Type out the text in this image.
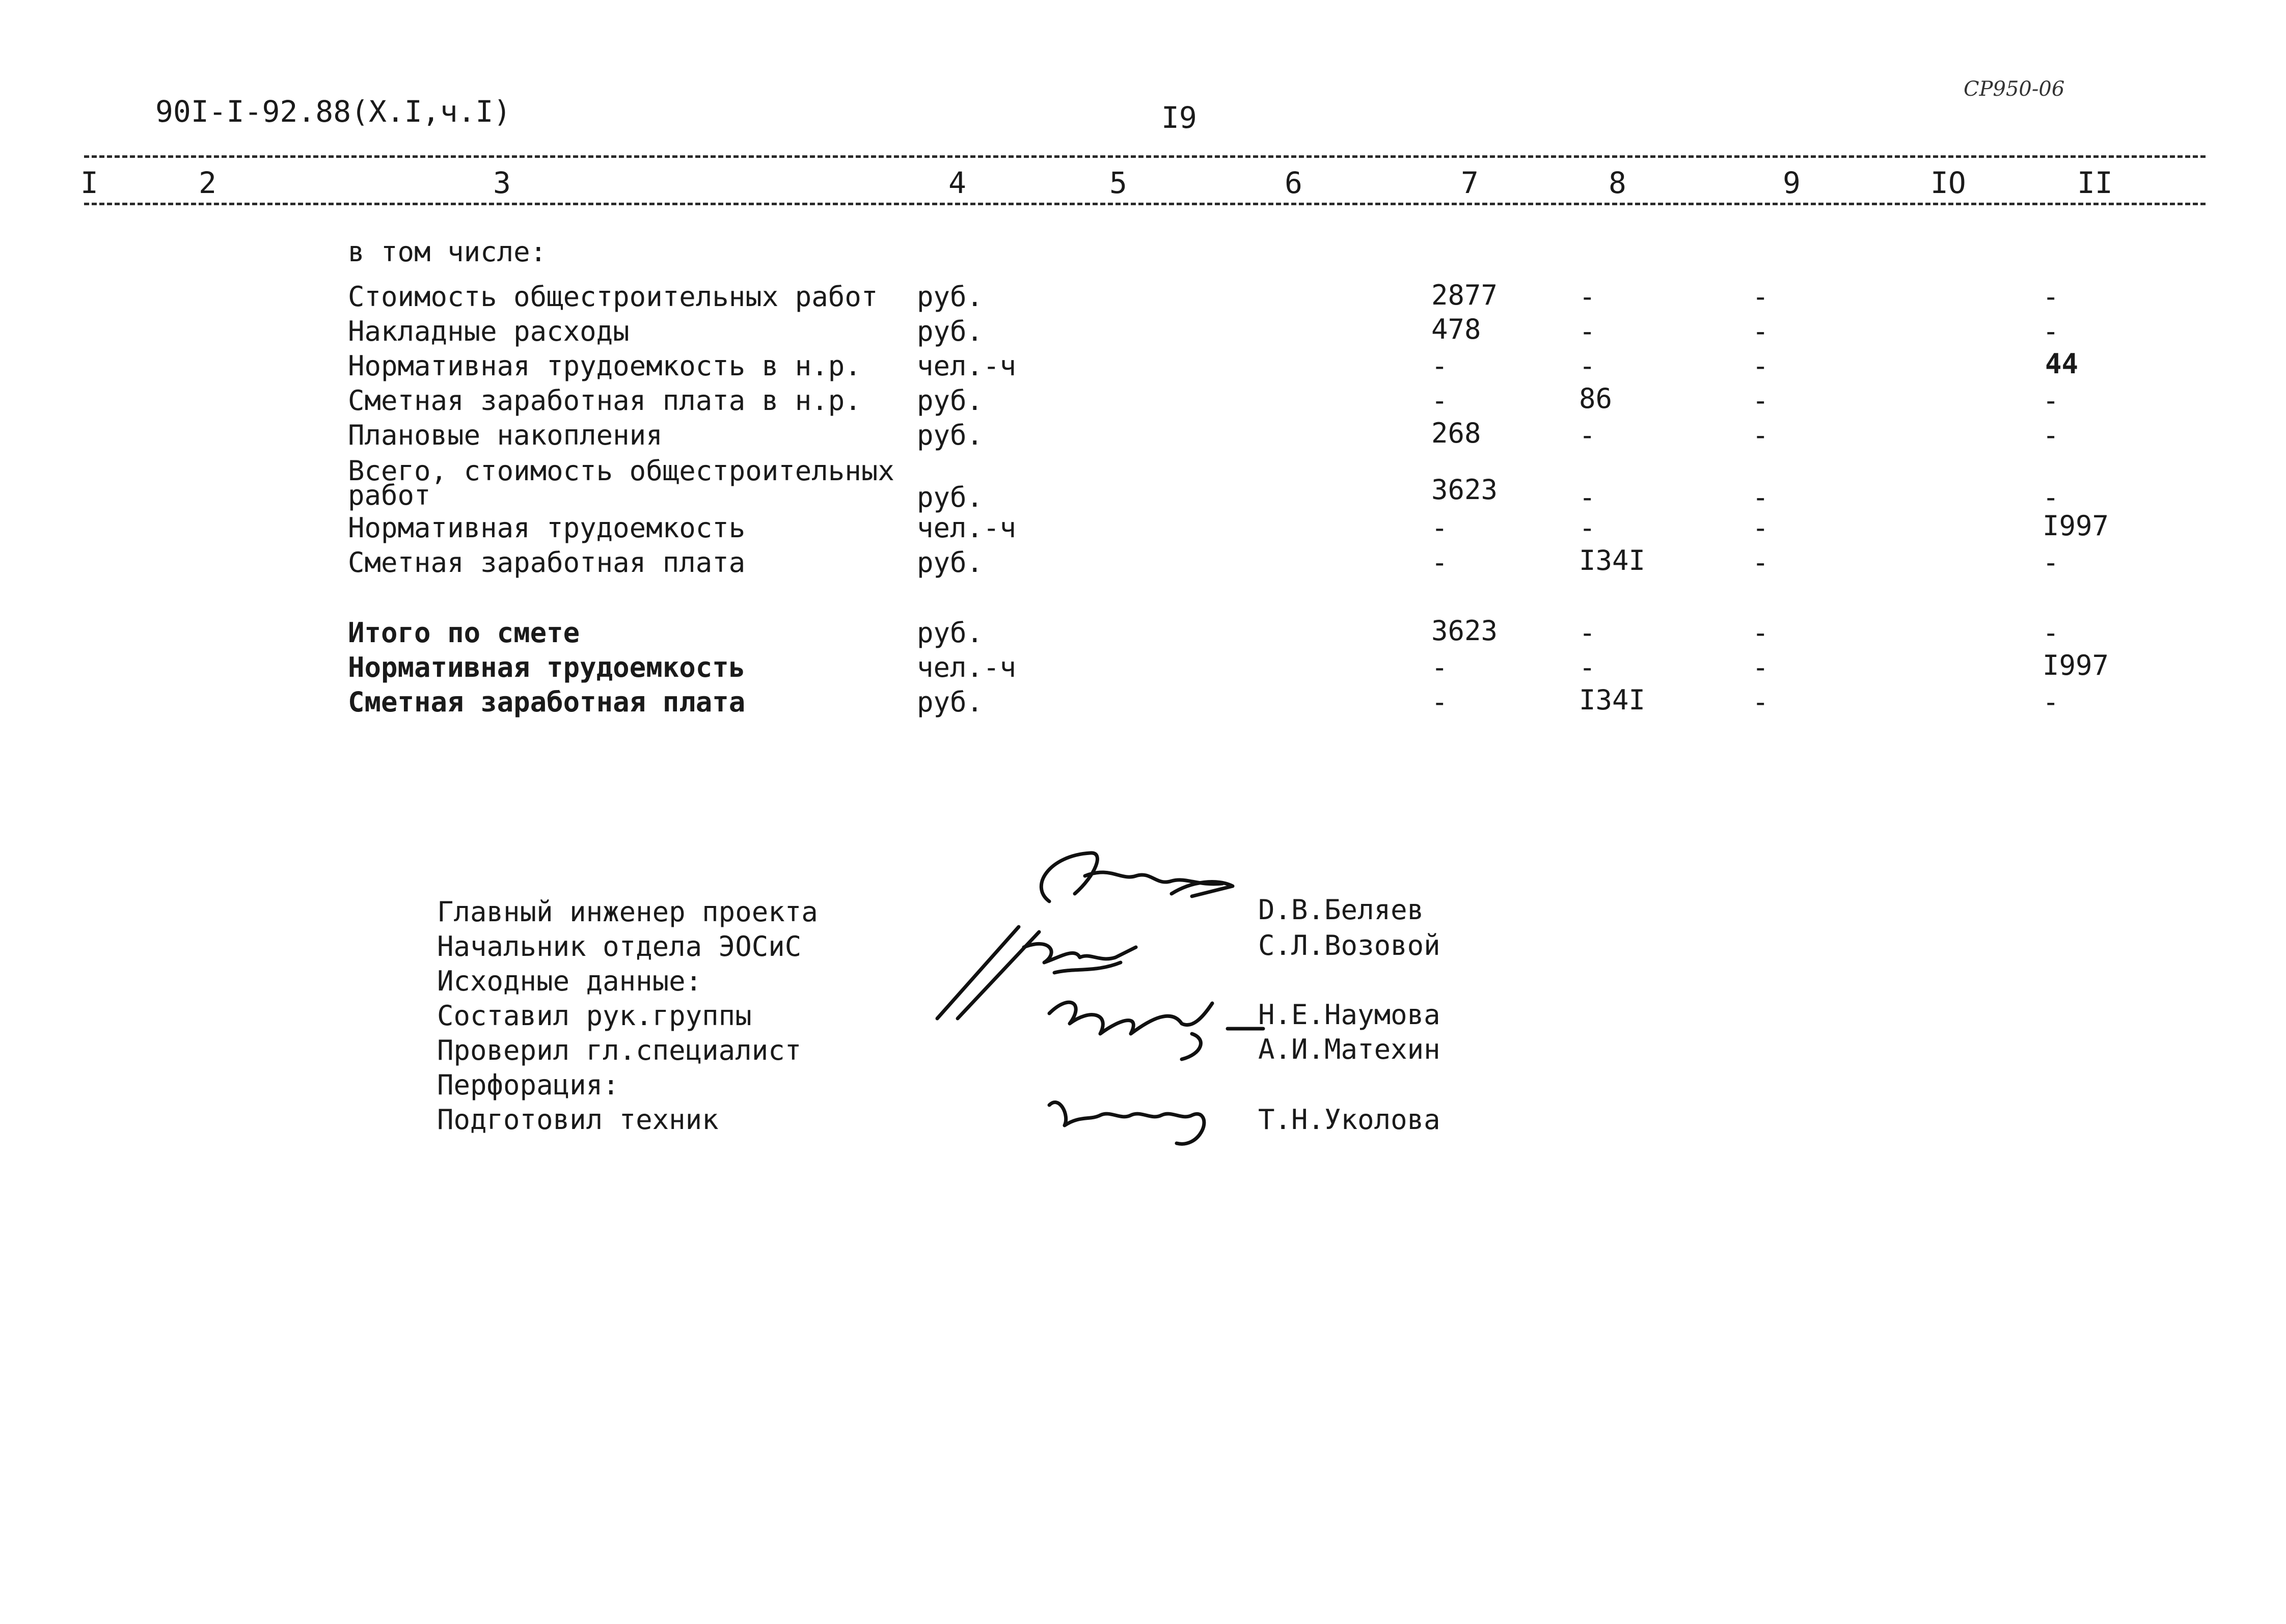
90I-I-92.88(X.I,ч.I)	I9
СР950-06
I	2	3	4	5	6	7	8	9	IO	II
в том числе:
Стоимость общестроительных работ руб.	2877	-	-	-
Накладные расходы	руб.	478	-	-	-
Нормативная трудоемкость в н.р. чел.-ч	-	-	-	44
Сметная заработная плата в н.р. руб.	-	86	-	-
Плановые накопления	руб.	268	-	-	-
Всего, стоимость общестроительных
работ	руб.	3623	-	-	-
Нормативная трудоемкость	чел.-ч	-	-	-	I997
Сметная заработная плата	руб.	-	I34I	-	-
Итого по смете	руб.	3623	-	-	-
Нормативная трудоемкость	чел.-ч	-	-	-	I997
Сметная заработная плата	руб.	-	I34I	-	-
Главный инженер проекта	D.В.Беляев
Начальник отдела ЭОСиС	С.Л.Возовой
Исходные данные:
Составил рук.группы	Н.Е.Наумова
Проверил гл.специалист	А.И.Матехин
Перфорация:
Подготовил техник	Т.Н.Уколова
